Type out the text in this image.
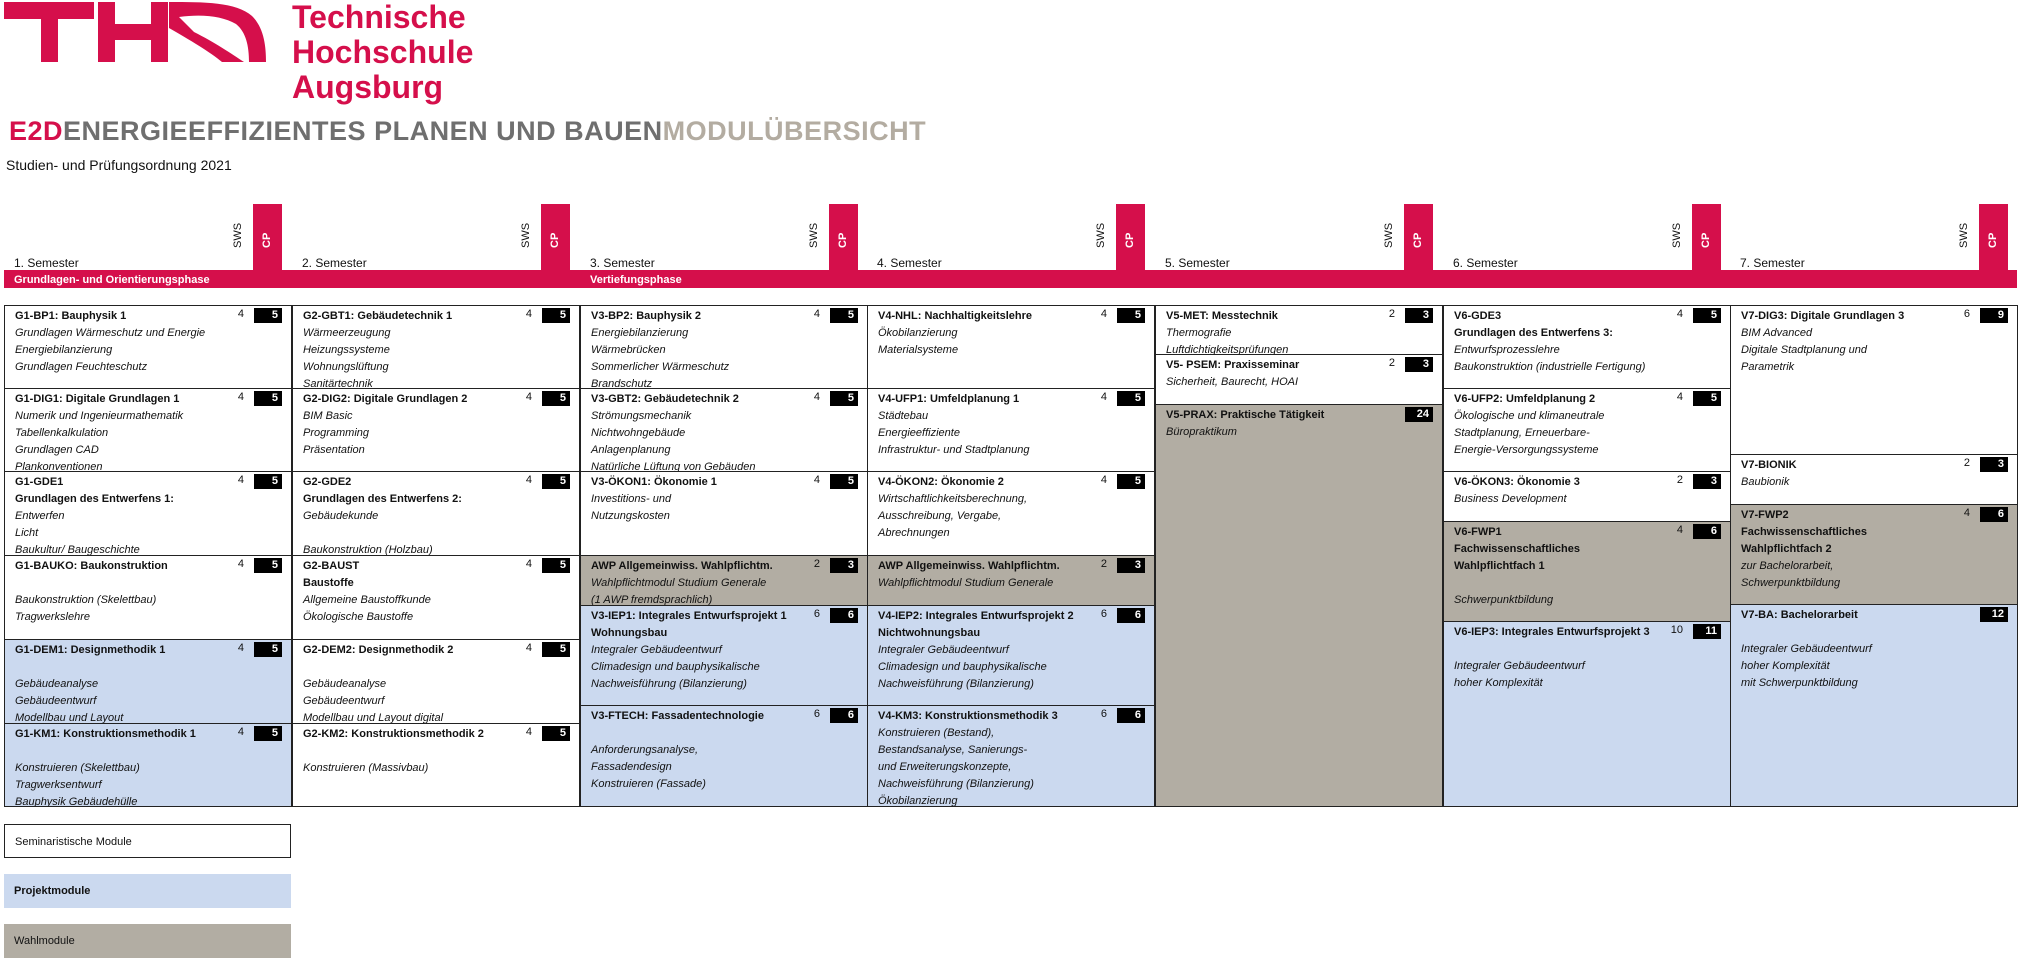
Technische
Hochschule
Augsburg
E2DENERGIEEFFIZIENTES PLANEN UND BAUENMODULÜBERSICHT
Studien- und Prüfungsordnung 2021
1. Semester
SWS CP
2. Semester
SWS CP
3. Semester
SWS CP
4. Semester
SWS CP
5. Semester
SWS CP
6. Semester
SWS CP
7. Semester
SWS CP
Grundlagen- und Orientierungsphase	Vertiefungsphase
G1-BP1: Bauphysik 1
Grundlagen Wärmeschutz und Energie
Energiebilanzierung
Grundlagen Feuchteschutz
4	5
G1-DIG1: Digitale Grundlagen 1
Numerik und Ingenieurmathematik
Tabellenkalkulation
Grundlagen CAD
Plankonventionen
4	5
G1-GDE1
Grundlagen des Entwerfens 1:
Entwerfen
Licht
Baukultur/ Baugeschichte
4	5
G1-BAUKO: Baukonstruktion
Baukonstruktion (Skelettbau)
Tragwerkslehre
4	5
G1-DEM1: Designmethodik 1
Gebäudeanalyse
Gebäudeentwurf
Modellbau und Layout
4	5
G1-KM1: Konstruktionsmethodik 1
Konstruieren (Skelettbau)
Tragwerksentwurf
Bauphysik Gebäudehülle
4	5
G2-GBT1: Gebäudetechnik 1
Wärmeerzeugung
Heizungssysteme
Wohnungslüftung
Sanitärtechnik
4	5
G2-DIG2: Digitale Grundlagen 2
BIM Basic
Programming
Präsentation
4	5
G2-GDE2
Grundlagen des Entwerfens 2:
Gebäudekunde
Baukonstruktion (Holzbau)
4	5
G2-BAUST
Baustoffe
Allgemeine Baustoffkunde
Ökologische Baustoffe
4	5
G2-DEM2: Designmethodik 2
Gebäudeanalyse
Gebäudeentwurf
Modellbau und Layout digital
4	5
G2-KM2: Konstruktionsmethodik 2
Konstruieren (Massivbau)
4	5
V3-BP2: Bauphysik 2
Energiebilanzierung
Wärmebrücken
Sommerlicher Wärmeschutz
Brandschutz
4	5
V3-GBT2: Gebäudetechnik 2
Strömungsmechanik
Nichtwohngebäude
Anlagenplanung
Natürliche Lüftung von Gebäuden
4	5
V3-ÖKON1: Ökonomie 1
Investitions- und
Nutzungskosten
4	5
AWP Allgemeinwiss. Wahlpflichtm.
Wahlpflichtmodul Studium Generale
(1 AWP fremdsprachlich)
2	3
V3-IEP1: Integrales Entwurfsprojekt 1
Wohnungsbau
Integraler Gebäudeentwurf
Climadesign und bauphysikalische
Nachweisführung (Bilanzierung)
6	6
V3-FTECH: Fassadentechnologie
Anforderungsanalyse,
Fassadendesign
Konstruieren (Fassade)
6	6
V4-NHL: Nachhaltigkeitslehre
Ökobilanzierung
Materialsysteme
4	5
V4-UFP1: Umfeldplanung 1
Städtebau
Energieeffiziente
Infrastruktur- und Stadtplanung
4	5
V4-ÖKON2: Ökonomie 2
Wirtschaftlichkeitsberechnung,
Ausschreibung, Vergabe,
Abrechnungen
4	5
AWP Allgemeinwiss. Wahlpflichtm.
Wahlpflichtmodul Studium Generale
2	3
V4-IEP2: Integrales Entwurfsprojekt 2
Nichtwohnungsbau
Integraler Gebäudeentwurf
Climadesign und bauphysikalische
Nachweisführung (Bilanzierung)
6	6
V4-KM3: Konstruktionsmethodik 3
Konstruieren (Bestand),
Bestandsanalyse, Sanierungs-
und Erweiterungskonzepte,
Nachweisführung (Bilanzierung)
Ökobilanzierung
6	6
V5-MET: Messtechnik
Thermografie
Luftdichtigkeitsprüfungen
2	3
V5- PSEM: Praxisseminar
Sicherheit, Baurecht, HOAI
2	3
V5-PRAX: Praktische Tätigkeit
Büropraktikum
24
V6-GDE3
Grundlagen des Entwerfens 3:
Entwurfsprozesslehre
Baukonstruktion (industrielle Fertigung)
4	5
V6-UFP2: Umfeldplanung 2
Ökologische und klimaneutrale
Stadtplanung, Erneuerbare-
Energie-Versorgungssysteme
4	5
V6-ÖKON3: Ökonomie 3
Business Development
2	3
V6-FWP1
Fachwissenschaftliches
Wahlpflichtfach 1
Schwerpunktbildung
4	6
V6-IEP3: Integrales Entwurfsprojekt 3
Integraler Gebäudeentwurf
hoher Komplexität
10	11
V7-DIG3: Digitale Grundlagen 3
BIM Advanced
Digitale Stadtplanung und
Parametrik
6	9
V7-BIONIK
Baubionik
2	3
V7-FWP2
Fachwissenschaftliches
Wahlpflichtfach 2
zur Bachelorarbeit,
Schwerpunktbildung
4	6
V7-BA: Bachelorarbeit
Integraler Gebäudeentwurf
hoher Komplexität
mit Schwerpunktbildung
12
Seminaristische Module
Projektmodule
Wahlmodule
